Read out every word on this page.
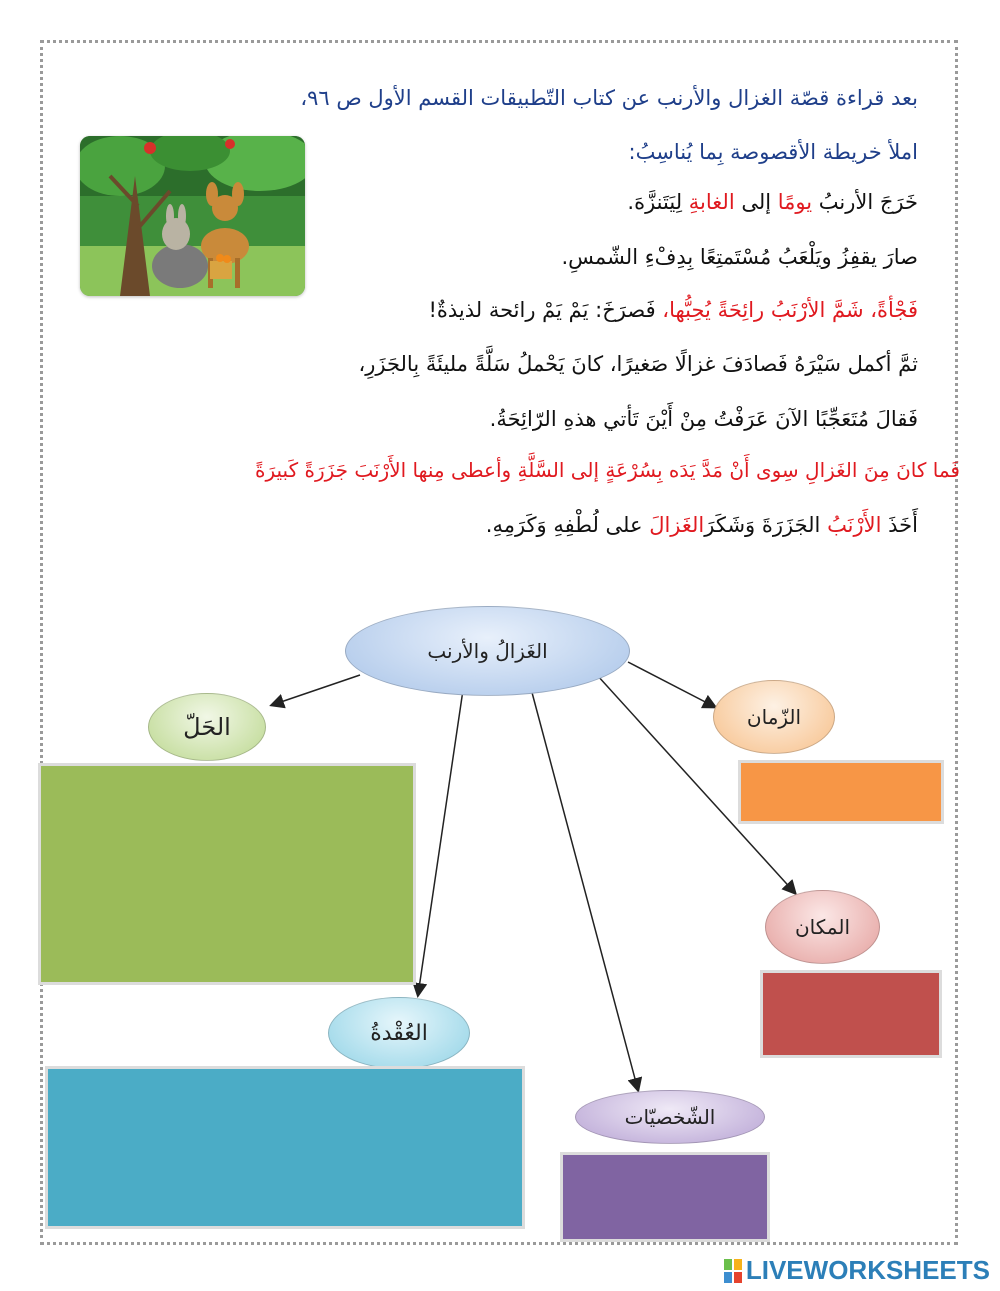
بعد قراءة قصّة الغزال والأرنب عن كتاب التّطبيقات القسم الأول ص ٩٦،
املأ خريطة الأقصوصة بِما يُناسِبُ:
خَرَجَ الأرنبُ يومًا إلى الغابةِ لِيَتَنزَّهَ.
صارَ يقفِزُ ويَلْعَبُ مُسْتَمتِعًا بِدِفْءِ الشّمسِ.
فَجْأةً، شَمَّ الأرْنَبُ رائِحَةً يُحِبُّها، فَصرَخَ: يَمْ يَمْ رائحة لذيذةٌ!
ثمَّ أكمل سَيْرَهُ فَصادَفَ غزالًا صَغيرًا، كانَ يَحْملُ سَلَّةً مليئَةً بِالجَزَرِ،
فَقالَ مُتَعَجِّبًا الآنَ عَرَفْتُ مِنْ أَيْنَ تَأتي هذهِ الرّائِحَةُ.
فَما كانَ مِنَ الغَزالِ سِوى أَنْ مَدَّ يَدَه بِسُرْعَةٍ إلى السَّلَّةِ وأعطى مِنها الأَرْنَبَ جَزَرَةً كَبيرَةً
أَخَذَ الأَرْنَبُ الجَزَرَةَ وَشَكَرَالغَزالَ على لُطْفِهِ وَكَرَمِهِ.
الغَزالُ والأرنب
الحَلّ	الزّمان
المكان
العُقْدةُ
الشّخصيّات
LIVEWORKSHEETS
